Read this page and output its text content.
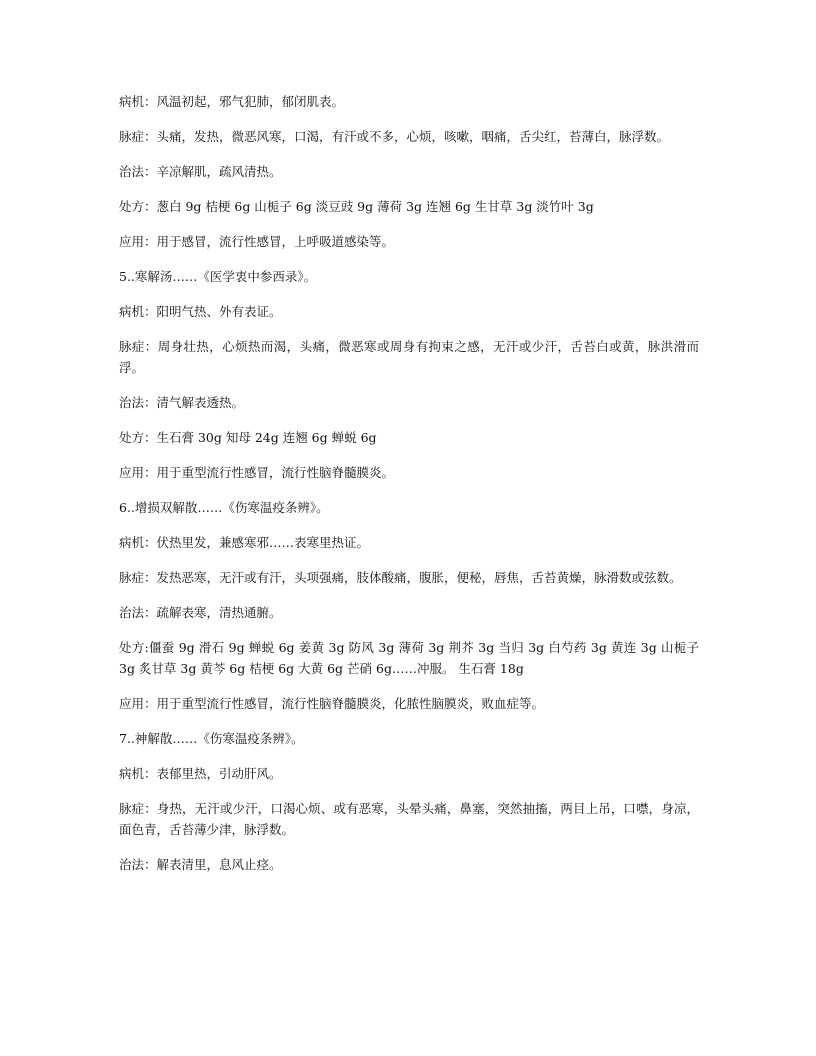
病机：风温初起，邪气犯肺，郁闭肌表。

脉症：头痛，发热，微恶风寒，口渴，有汗或不多，心烦，咳嗽，咽痛，舌尖红，苔薄白，脉浮数。

治法：辛凉解肌，疏风清热。

处方：葱白 9g 桔梗 6g 山栀子 6g 淡豆豉 9g 薄荷 3g 连翘 6g 生甘草 3g 淡竹叶 3g

应用：用于感冒，流行性感冒，上呼吸道感染等。

5..寒解汤……《医学衷中参西录》。

病机：阳明气热、外有表证。

脉症：周身壮热，心烦热而渴，头痛，微恶寒或周身有拘束之感，无汗或少汗，舌苔白或黄，脉洪滑而浮。

治法：清气解表透热。

处方：生石膏 30g 知母 24g 连翘 6g 蝉蜕 6g

应用：用于重型流行性感冒，流行性脑脊髓膜炎。

6..增损双解散……《伤寒温疫条辨》。

病机：伏热里发，兼感寒邪……表寒里热证。

脉症：发热恶寒，无汗或有汗，头项强痛，肢体酸痛，腹胀，便秘，唇焦，舌苔黄燥，脉滑数或弦数。

治法：疏解表寒，清热通腑。

处方:僵蚕 9g 滑石 9g 蝉蜕 6g 姜黄 3g 防风 3g 薄荷 3g 荆芥 3g 当归 3g 白芍药 3g 黄连 3g 山栀子 3g 炙甘草 3g 黄芩 6g 桔梗 6g 大黄 6g 芒硝 6g……冲服。 生石膏 18g

应用：用于重型流行性感冒，流行性脑脊髓膜炎，化脓性脑膜炎，败血症等。

7..神解散……《伤寒温疫条辨》。

病机：表郁里热，引动肝风。

脉症：身热，无汗或少汗，口渴心烦、或有恶寒，头晕头痛，鼻塞，突然抽搐，两目上吊，口噤，身凉，面色青，舌苔薄少津，脉浮数。

治法：解表清里，息风止痉。
